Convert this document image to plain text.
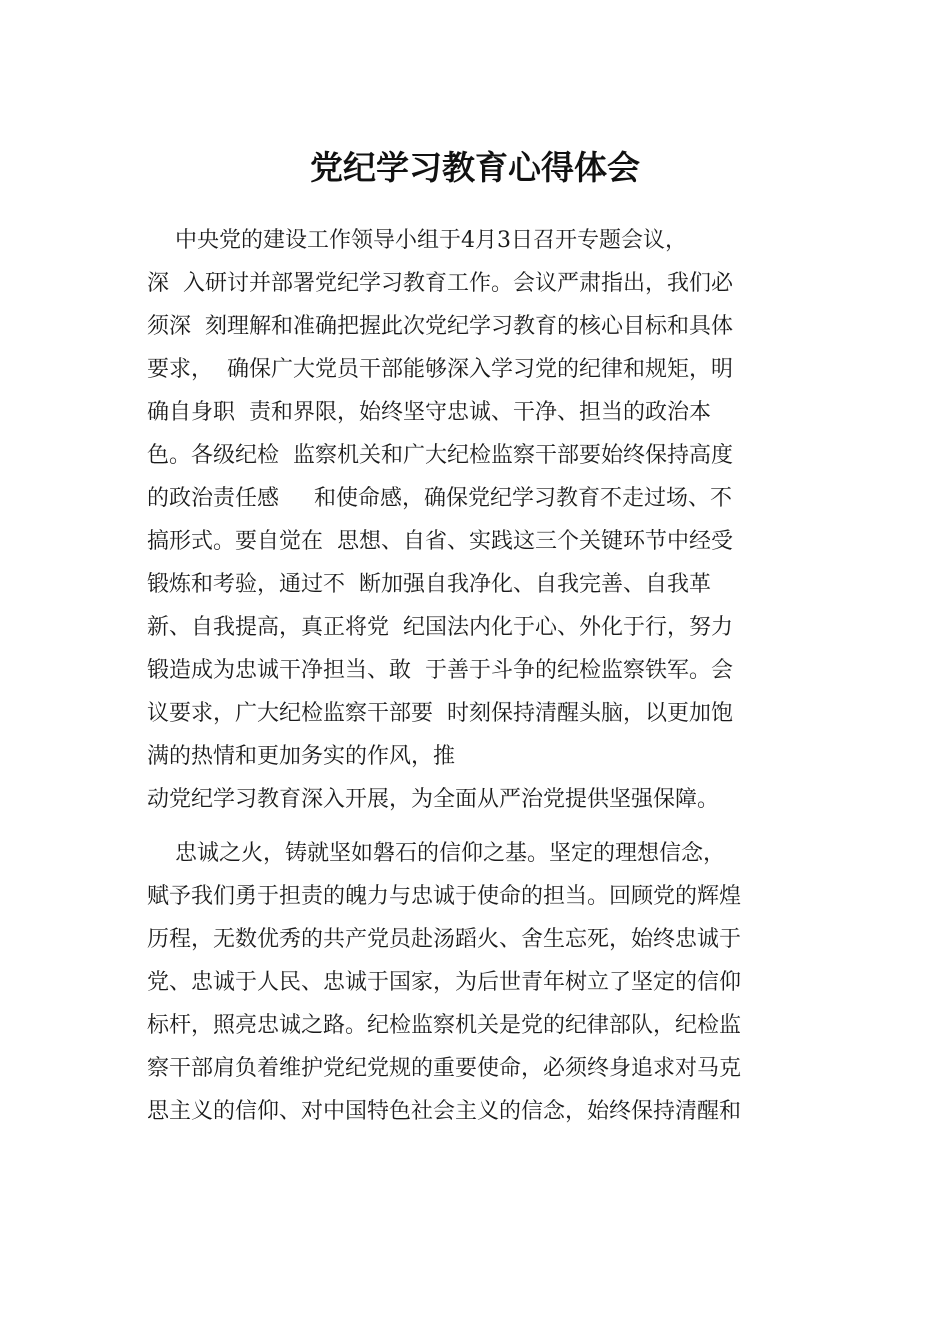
党纪学习教育心得体会

中央党的建设工作领导小组于4月3日召开专题会议，

深  入研讨并部署党纪学习教育工作。会议严肃指出，我们必

须深  刻理解和准确把握此次党纪学习教育的核心目标和具体

要求，  确保广大党员干部能够深入学习党的纪律和规矩，明

确自身职  责和界限，始终坚守忠诚、干净、担当的政治本

色。各级纪检  监察机关和广大纪检监察干部要始终保持高度

的政治责任感     和使命感，确保党纪学习教育不走过场、不

搞形式。要自觉在  思想、自省、实践这三个关键环节中经受

锻炼和考验，通过不  断加强自我净化、自我完善、自我革

新、自我提高，真正将党  纪国法内化于心、外化于行，努力

锻造成为忠诚干净担当、敢  于善于斗争的纪检监察铁军。会

议要求，广大纪检监察干部要  时刻保持清醒头脑，以更加饱

满的热情和更加务实的作风，推

动党纪学习教育深入开展，为全面从严治党提供坚强保障。

忠诚之火，铸就坚如磐石的信仰之基。坚定的理想信念，

赋予我们勇于担责的魄力与忠诚于使命的担当。回顾党的辉煌

历程，无数优秀的共产党员赴汤蹈火、舍生忘死，始终忠诚于

党、忠诚于人民、忠诚于国家，为后世青年树立了坚定的信仰

标杆，照亮忠诚之路。纪检监察机关是党的纪律部队，纪检监

察干部肩负着维护党纪党规的重要使命，必须终身追求对马克

思主义的信仰、对中国特色社会主义的信念，始终保持清醒和
